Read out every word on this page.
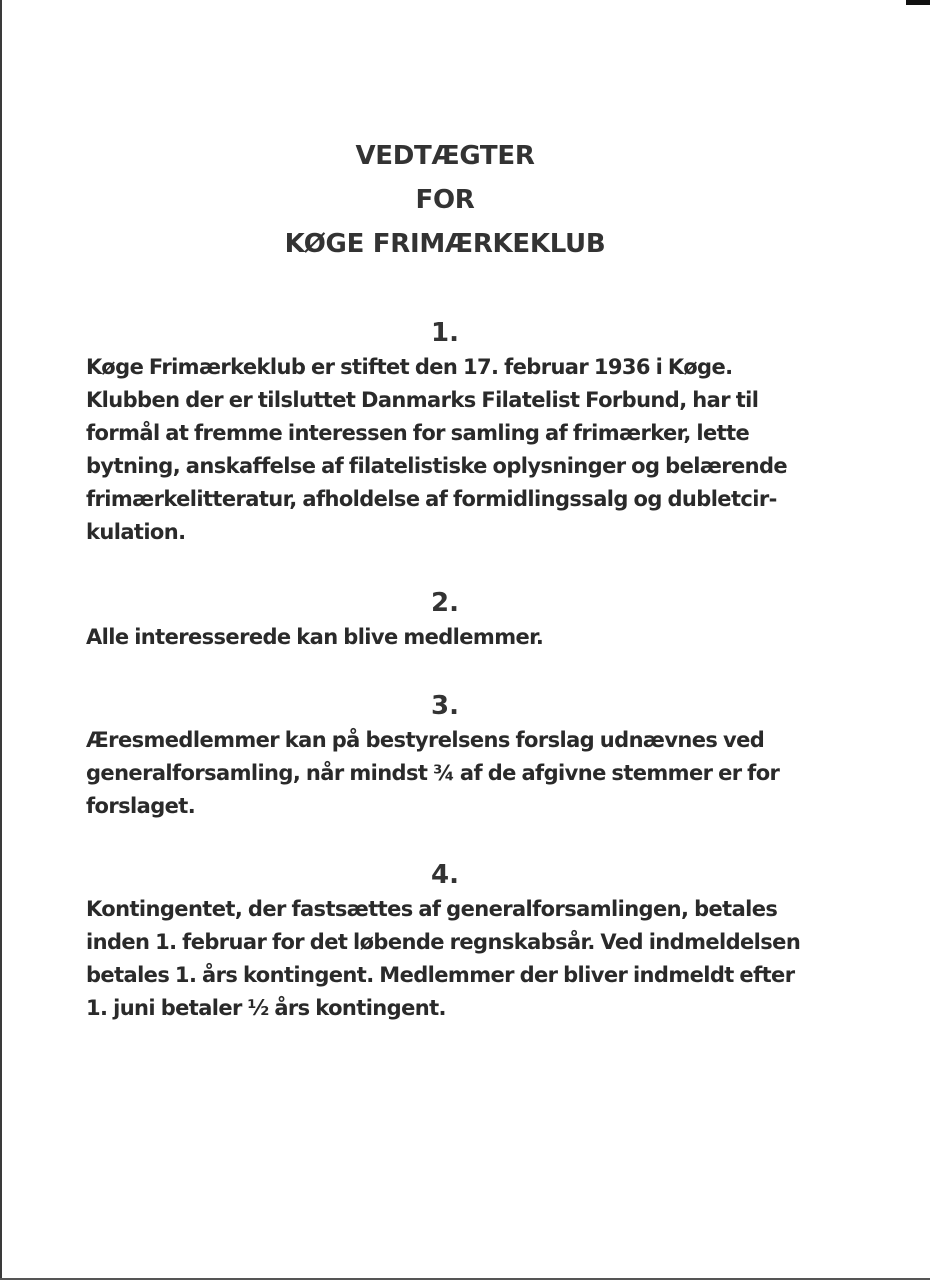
VEDTÆGTER
FOR
KØGE FRIMÆRKEKLUB
1.
Køge Frimærkeklub er stiftet den 17. februar 1936 i Køge.
Klubben der er tilsluttet Danmarks Filatelist Forbund, har til
formål at fremme interessen for samling af frimærker, lette
bytning, anskaffelse af filatelistiske oplysninger og belærende
frimærkelitteratur, afholdelse af formidlingssalg og dubletcir-
kulation.
2.
Alle interesserede kan blive medlemmer.
3.
Æresmedlemmer kan på bestyrelsens forslag udnævnes ved
generalforsamling, når mindst ¾ af de afgivne stemmer er for
forslaget.
4.
Kontingentet, der fastsættes af generalforsamlingen, betales
inden 1. februar for det løbende regnskabsår. Ved indmeldelsen
betales 1. års kontingent. Medlemmer der bliver indmeldt efter
1. juni betaler ½ års kontingent.
